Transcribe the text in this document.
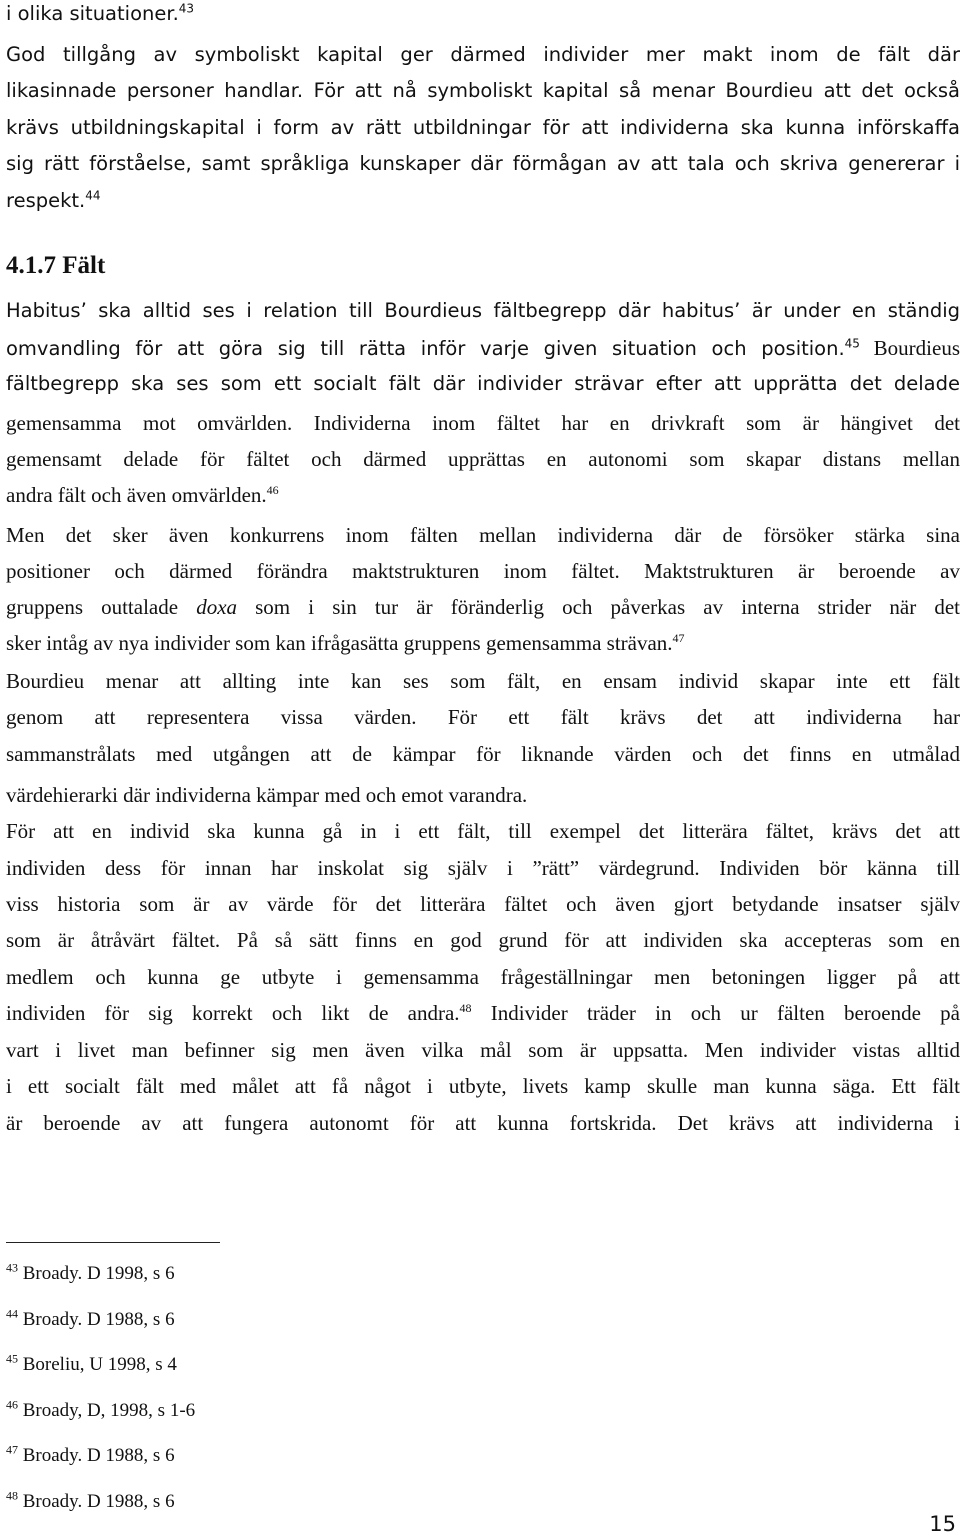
i olika situationer.$^{43}$
God tillgång av symboliskt kapital ger därmed individer mer makt inom de fält där
likasinnade personer handlar. För att nå symboliskt kapital så menar Bourdieu att det också
krävs utbildningskapital i form av rätt utbildningar för att individerna ska kunna införskaffa
sig rätt förståelse, samt språkliga kunskaper där förmågan av att tala och skriva genererar i
respekt.$^{44}$
4.1.7 Fält
Habitus’ ska alltid ses i relation till Bourdieus fältbegrepp där habitus’ är under en ständig
omvandling för att göra sig till rätta inför varje given situation och position.$^{45}$ Bourdieus
fältbegrepp ska ses som ett socialt fält där individer strävar efter att upprätta det delade
gemensamma mot omvärlden. Individerna inom fältet har en drivkraft som är hängivet det
gemensamt delade för fältet och därmed upprättas en autonomi som skapar distans mellan
andra fält och även omvärlden.$^{46}$
Men det sker även konkurrens inom fälten mellan individerna där de försöker stärka sina
positioner och därmed förändra maktstrukturen inom fältet. Maktstrukturen är beroende av
gruppens outtalade doxa som i sin tur är föränderlig och påverkas av interna strider när det
sker intåg av nya individer som kan ifrågasätta gruppens gemensamma strävan.$^{47}$
Bourdieu menar att allting inte kan ses som fält, en ensam individ skapar inte ett fält
genom att representera vissa värden. För ett fält krävs det att individerna har
sammanstrålats med utgången att de kämpar för liknande värden och det finns en utmålad
värdehierarki där individerna kämpar med och emot varandra.
För att en individ ska kunna gå in i ett fält, till exempel det litterära fältet, krävs det att
individen dess för innan har inskolat sig själv i ”rätt” värdegrund. Individen bör känna till
viss historia som är av värde för det litterära fältet och även gjort betydande insatser själv
som är åtråvärt fältet. På så sätt finns en god grund för att individen ska accepteras som en
medlem och kunna ge utbyte i gemensamma frågeställningar men betoningen ligger på att
individen för sig korrekt och likt de andra.$^{48}$ Individer träder in och ur fälten beroende på
vart i livet man befinner sig men även vilka mål som är uppsatta. Men individer vistas alltid
i ett socialt fält med målet att få något i utbyte, livets kamp skulle man kunna säga. Ett fält
är beroende av att fungera autonomt för att kunna fortskrida. Det krävs att individerna i
$^{43}$ Broady. D 1998, s 6
$^{44}$ Broady. D 1988, s 6
$^{45}$ Boreliu, U 1998, s 4
$^{46}$ Broady, D, 1998, s 1-6
$^{47}$ Broady. D 1988, s 6
$^{48}$ Broady. D 1988, s 6
15
